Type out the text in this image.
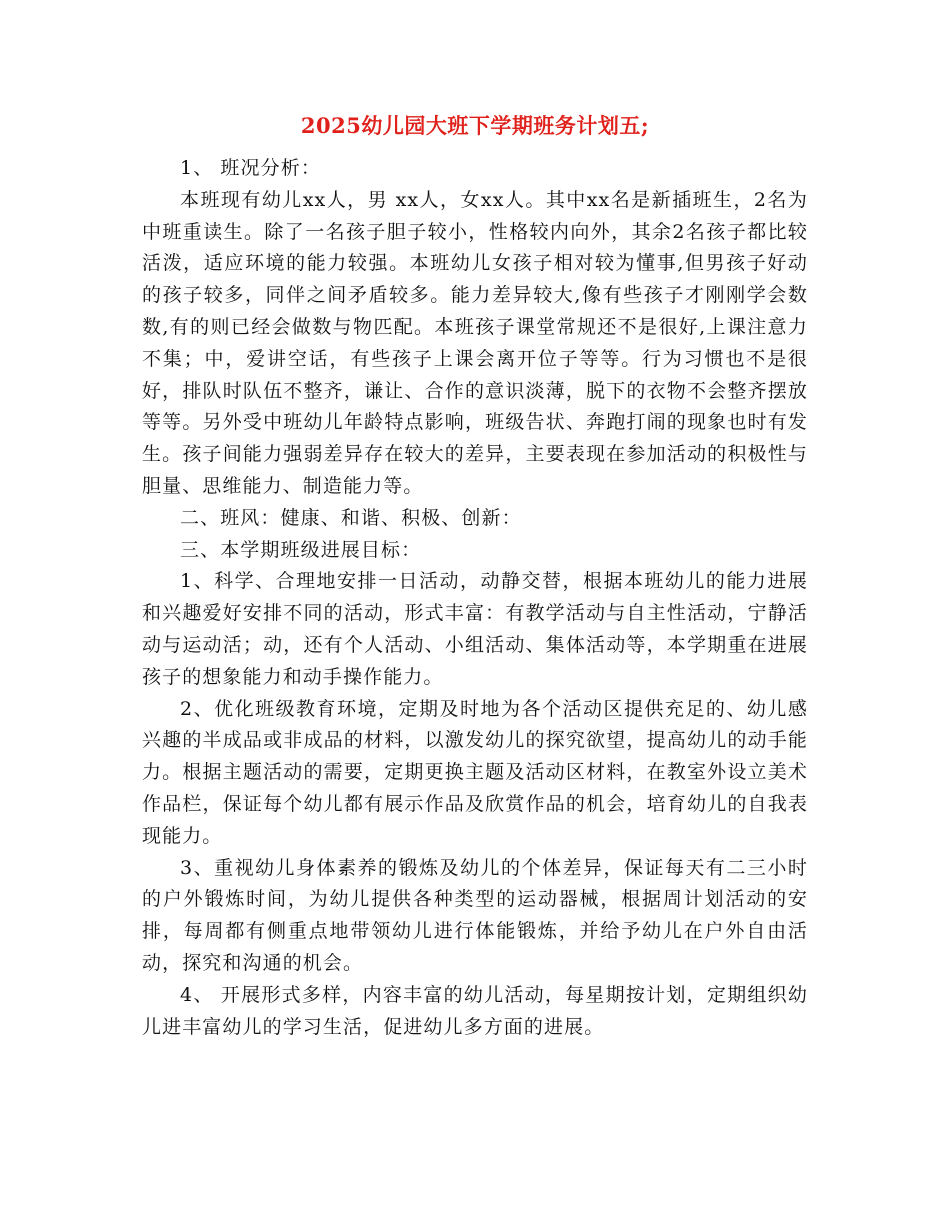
2025幼儿园大班下学期班务计划五;

1、 班况分析：

本班现有幼儿xx人，男 xx人，女xx人。其中xx名是新插班生，2名为中班重读生。除了一名孩子胆子较小，性格较内向外，其余2名孩子都比较活泼，适应环境的能力较强。本班幼儿女孩子相对较为懂事,但男孩子好动的孩子较多，同伴之间矛盾较多。能力差异较大,像有些孩子才刚刚学会数数,有的则已经会做数与物匹配。本班孩子课堂常规还不是很好,上课注意力不集；中，爱讲空话，有些孩子上课会离开位子等等。行为习惯也不是很好，排队时队伍不整齐，谦让、合作的意识淡薄，脱下的衣物不会整齐摆放等等。另外受中班幼儿年龄特点影响，班级告状、奔跑打闹的现象也时有发生。孩子间能力强弱差异存在较大的差异，主要表现在参加活动的积极性与胆量、思维能力、制造能力等。

二、班风：健康、和谐、积极、创新：

三、本学期班级进展目标：

1、科学、合理地安排一日活动，动静交替，根据本班幼儿的能力进展和兴趣爱好安排不同的活动，形式丰富：有教学活动与自主性活动，宁静活动与运动活；动，还有个人活动、小组活动、集体活动等，本学期重在进展孩子的想象能力和动手操作能力。

2、优化班级教育环境，定期及时地为各个活动区提供充足的、幼儿感兴趣的半成品或非成品的材料，以激发幼儿的探究欲望，提高幼儿的动手能力。根据主题活动的需要，定期更换主题及活动区材料，在教室外设立美术作品栏，保证每个幼儿都有展示作品及欣赏作品的机会，培育幼儿的自我表现能力。

3、重视幼儿身体素养的锻炼及幼儿的个体差异，保证每天有二三小时的户外锻炼时间，为幼儿提供各种类型的运动器械，根据周计划活动的安排，每周都有侧重点地带领幼儿进行体能锻炼，并给予幼儿在户外自由活动，探究和沟通的机会。

4、 开展形式多样，内容丰富的幼儿活动，每星期按计划，定期组织幼儿进丰富幼儿的学习生活，促进幼儿多方面的进展。
